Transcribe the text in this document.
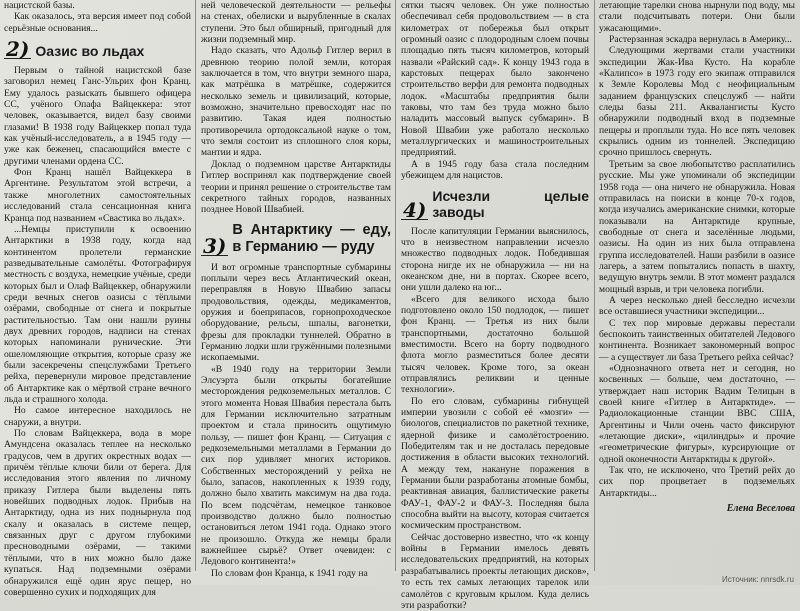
нацистской базы.

Как оказалось, эта версия имеет под собой серьёзные основания...

2) Оазис во льдах

Первым о тайной нацистской базе заговорил немец Ганс-Ульрих фон Кранц. Ему удалось разыскать бывшего офицера СС, учёного Опафа Вайцеккера: этот человек, оказывается, видел базу своими глазами! В 1938 году Вайцеккер попал туда как учёный-исследователь, а в 1945 году — уже как беженец, спасающийся вместе с другими членами ордена СС.

Фон Кранц нашёл Вайцеккера в Аргентине. Результатом этой встречи, а также многолетних самостоятельных исследований стала сенсационная книга Кранца под названием «Свастика во льдах».

...Немцы приступили к освоению Антарктики в 1938 году, когда над континентом пролетели германские разведывательные самолёты. Фотографируя местность с воздуха, немецкие учёные, среди которых был и Олаф Вайцеккер, обнаружили среди вечных снегов оазисы с тёплыми озёрами, свободные от снега и покрытые растительностью. Там они нашли руины двух древних городов, надписи на стенах которых напоминали рунические. Эти ошеломляющие открытия, которые сразу же были засекречены спецслужбами Третьего рейха, перевернули мировое представление об Антарктике как о мёртвой стране вечного льда и страшного холода.

Но самое интересное находилось не снаружи, а внутри.

По словам Вайцеккера, вода в море Амундсена оказалась теплее на несколько градусов, чем в других окрестных водах — причём тёплые ключи били от берега. Для исследования этого явления по личному приказу Гитлера были выделены пять новейших подводных лодок. Прибыв на Антарктиду, одна из них поднырнула под скалу и оказалась в системе пещер, связанных друг с другом глубокими пресноводными озёрами, — такими тёплыми, что в них можно было даже купаться. Над подземными озёрами обнаружился ещё один ярус пещер, но совершенно сухих и подходящих для

ней человеческой деятельности — рельефы на стенах, обелиски и вырубленные в скалах ступени. Это был обширный, пригодный для жизни подземный мир.

Надо сказать, что Адольф Гитлер верил в древнюю теорию полой земли, которая заключается в том, что внутри земного шара, как матрёшка в матрёшке, содержится несколько земель и цивилизаций, которые, возможно, значительно превосходят нас по развитию. Такая идея полностью противоречила ортодоксальной науке о том, что земля состоит из сплошного слоя коры, мантии и ядра.

Доклад о подземном царстве Антарктиды Гитлер воспринял как подтверждение своей теории и принял решение о строительстве там секретного тайных городов, названных позднее Новой Швабией.

3)
В Антарктику — еду, в Германию — руду

И вот огромные транспортные субмарины поплыли через весь Атлантический океан, переправляя в Новую Швабию запасы продовольствия, одежды, медикаментов, оружия и боеприпасов, горнопроходческое оборудование, рельсы, шпалы, вагонетки, фрезы для прокладки туннелей. Обратно в Германию лодки шли гружёнными полезными ископаемыми.

«В 1940 году на территории Земли Элсуэрта были открыты богатейшие месторождения редкоземельных металлов. С этого момента Новая Швабия перестала быть для Германии исключительно затратным проектом и стала приносить ощутимую пользу, — пишет фон Кранц. — Ситуация с редкоземельными металлами в Германии до сих пор удивляет многих историков. Собственных месторождений у рейха не было, запасов, накопленных к 1939 году, должно было хватить максимум на два года. По всем подсчётам, немецкое танковое производство должно было полностью остановиться летом 1941 года. Однако этого не произошло. Откуда же немцы брали важнейшее сырьё? Ответ очевиден: с Ледового континента!»

По словам фон Кранца, к 1941 году на

сятки тысяч человек. Он уже полностью обеспечивал себя продовольствием — в ста километрах от побережья был открыт огромный оазис с плодородным слоем почвы площадью пять тысяч километров, который назвали «Райский сад». К концу 1943 года в карстовых пещерах было закончено строительство верфи для ремонта подводных лодок. «Масштабы предприятия были таковы, что там без труда можно было наладить массовый выпуск субмарин». В Новой Швабии уже работало несколько металлургических и машиностроительных предприятий.

А в 1945 году база стала последним убежищем для нацистов.

4)
Исчезли целые заводы

После капитуляции Германии выяснилось, что в неизвестном направлении исчезло множество подводных лодок. Победившая сторона нигде их не обнаружила — ни на океанском дне, ни в портах. Скорее всего, они ушли далеко на юг...

«Всего для великого исхода было подготовлено около 150 подлодок, — пишет фон Кранц. — Третья из них были транспортными, достаточно большой вместимости. Всего на борту подводного флота могло разместиться более десяти тысяч человек. Кроме того, за океан отправлялись реликвии и ценные технологии».

По его словам, субмарины гибнущей империи увозили с собой её «мозги» — биологов, специалистов по ракетной технике, ядерной физике и самолётостроению. Победителям так и не досталась передовые достижения в области высоких технологий. А между тем, накануне поражения в Германии были разработаны атомные бомбы, реактивная авиация, баллистические ракеты ФАУ-1, ФАУ-2 и ФАУ-3. Последняя была способна выйти на высоту, которая считается космическим пространством.

Сейчас достоверно известно, что «к концу войны в Германии имелось девять исследовательских предприятий, на которых разрабатывались проекты летающих дисков», то есть тех самых летающих тарелок или самолётов с круговым крылом. Куда делись эти разработки?

летающие тарелки снова нырнули под воду, мы стали подсчитывать потери. Они были ужасающими».

Растерзанная эскадра вернулась в Америку...

Следующими жертвами стали участники экспедиции Жак-Ива Кусто. На корабле «Калипсо» в 1973 году его экипаж отправился к Земле Королевы Мод с неофициальным заданием французских спецслужб — найти следы базы 211. Аквалангисты Кусто обнаружили подводный вход в подземные пещеры и проплыли туда. Но все пять человек скрылись одним из тоннелей. Экспедицию срочно пришлось свернуть.

Третьим за свое любопытство расплатились русские. Мы уже упоминали об экспедиции 1958 года — она ничего не обнаружила. Новая отправилась на поиски в конце 70-х годов, когда изучались американские снимки, которые показывали на Антарктиде крупные, свободные от снега и заселённые людьми, оазисы. На один из них была отправлена группа исследователей. Наши разбили в оазисе лагерь, а затем попытались попасть в шахту, ведущую внутрь земли. В этот момент раздался мощный взрыв, и три человека погибли.

А через несколько дней бесследно исчезли все оставшиеся участники экспедиции...

С тех пор мировые державы перестали беспокоить таинственных обитателей Ледового континента. Возникает закономерный вопрос — а существует ли база Третьего рейха сейчас?

«Однозначного ответа нет и сегодня, но косвенных — больше, чем достаточно, — утверждает наш историк Вадим Телицын в своей книге «Гитлер в Антарктиде». — Радиолокационные станции ВВС США, Аргентины и Чили очень часто фиксируют «летающие диски», «цилиндры» и прочие «геометрические фигуры», курсирующие от одной оконечности Антарктиды к другой».

Так что, не исключено, что Третий рейх до сих пор процветает в подземельях Антарктиды...

Елена Веселова
Источник: nnrsdk.ru
